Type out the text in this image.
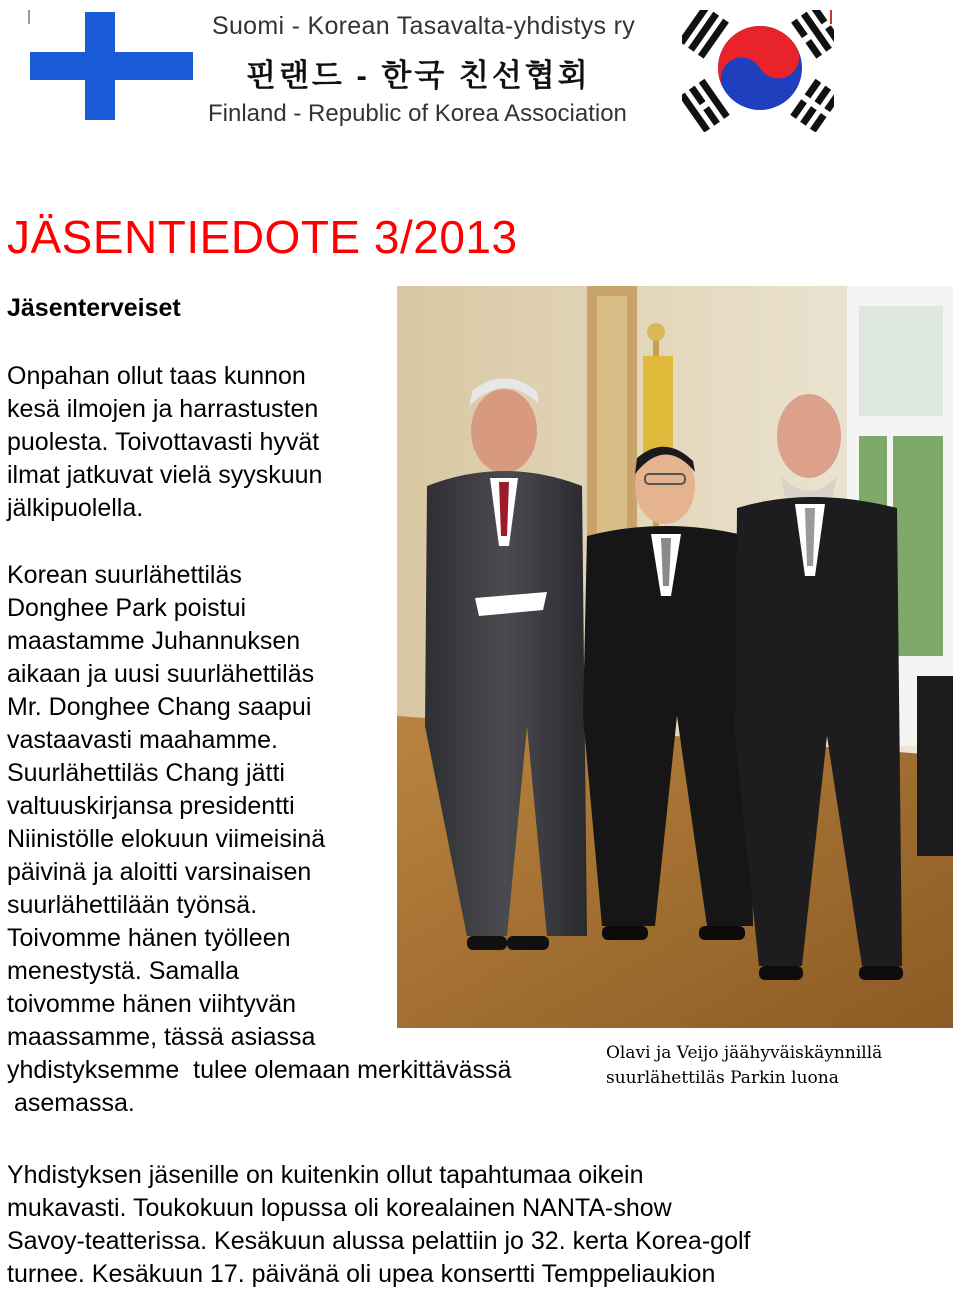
Suomi - Korean Tasavalta-yhdistys ry
핀랜드 - 한국 친선협회
Finland - Republic of Korea Association
JÄSENTIEDOTE 3/2013
Jäsenterveiset
Onpahan ollut taas kunnon
kesä ilmojen ja harrastusten
puolesta. Toivottavasti hyvät
ilmat jatkuvat vielä syyskuun
jälkipuolella.
Korean suurlähettiläs
Donghee Park poistui
maastamme Juhannuksen
aikaan ja uusi suurlähettiläs
Mr. Donghee Chang saapui
vastaavasti maahamme.
Suurlähettiläs Chang jätti
valtuuskirjansa presidentti
Niinistölle elokuun viimeisinä
päivinä ja aloitti varsinaisen
suurlähettilään työnsä.
Toivomme hänen työlleen
menestystä. Samalla
toivomme hänen viihtyvän
maassamme, tässä asiassa
yhdistyksemme  tulee olemaan merkittävässä
asemassa.
Olavi ja Veijo jäähyväiskäynnillä
suurlähettiläs Parkin luona
Yhdistyksen jäsenille on kuitenkin ollut tapahtumaa oikein
mukavasti. Toukokuun lopussa oli korealainen NANTA-show
Savoy-teatterissa. Kesäkuun alussa pelattiin jo 32. kerta Korea-golf
turnee. Kesäkuun 17. päivänä oli upea konsertti Temppeliaukion
